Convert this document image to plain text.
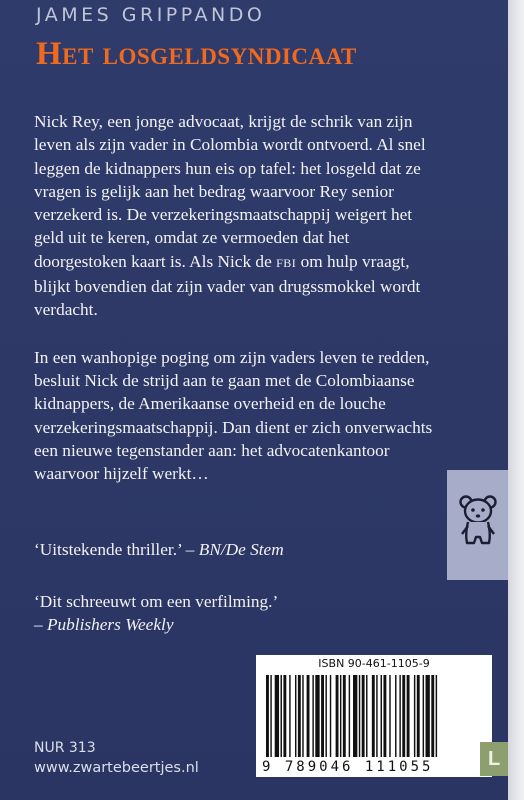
JAMES GRIPPANDO
Het losgeldsyndicaat

Nick Rey, een jonge advocaat, krijgt de schrik van zijn leven als zijn vader in Colombia wordt ontvoerd. Al snel leggen de kidnappers hun eis op tafel: het losgeld dat ze vragen is gelijk aan het bedrag waarvoor Rey senior verzekerd is. De verzekeringsmaatschappij weigert het geld uit te keren, omdat ze vermoeden dat het doorgestoken kaart is. Als Nick de FBI om hulp vraagt, blijkt bovendien dat zijn vader van drugssmokkel wordt verdacht.

In een wanhopige poging om zijn vaders leven te redden, besluit Nick de strijd aan te gaan met de Colombiaanse kidnappers, de Amerikaanse overheid en de louche verzekeringsmaatschappij. Dan dient er zich onverwachts een nieuwe tegenstander aan: het advocatenkantoor waarvoor hijzelf werkt…

‘Uitstekende thriller.’ – BN/De Stem
‘Dit schreeuwt om een verfilming.’
– Publishers Weekly
ISBN 90-461-1105-9
9 789046 111055
NUR 313
www.zwartebeertjes.nl	L
